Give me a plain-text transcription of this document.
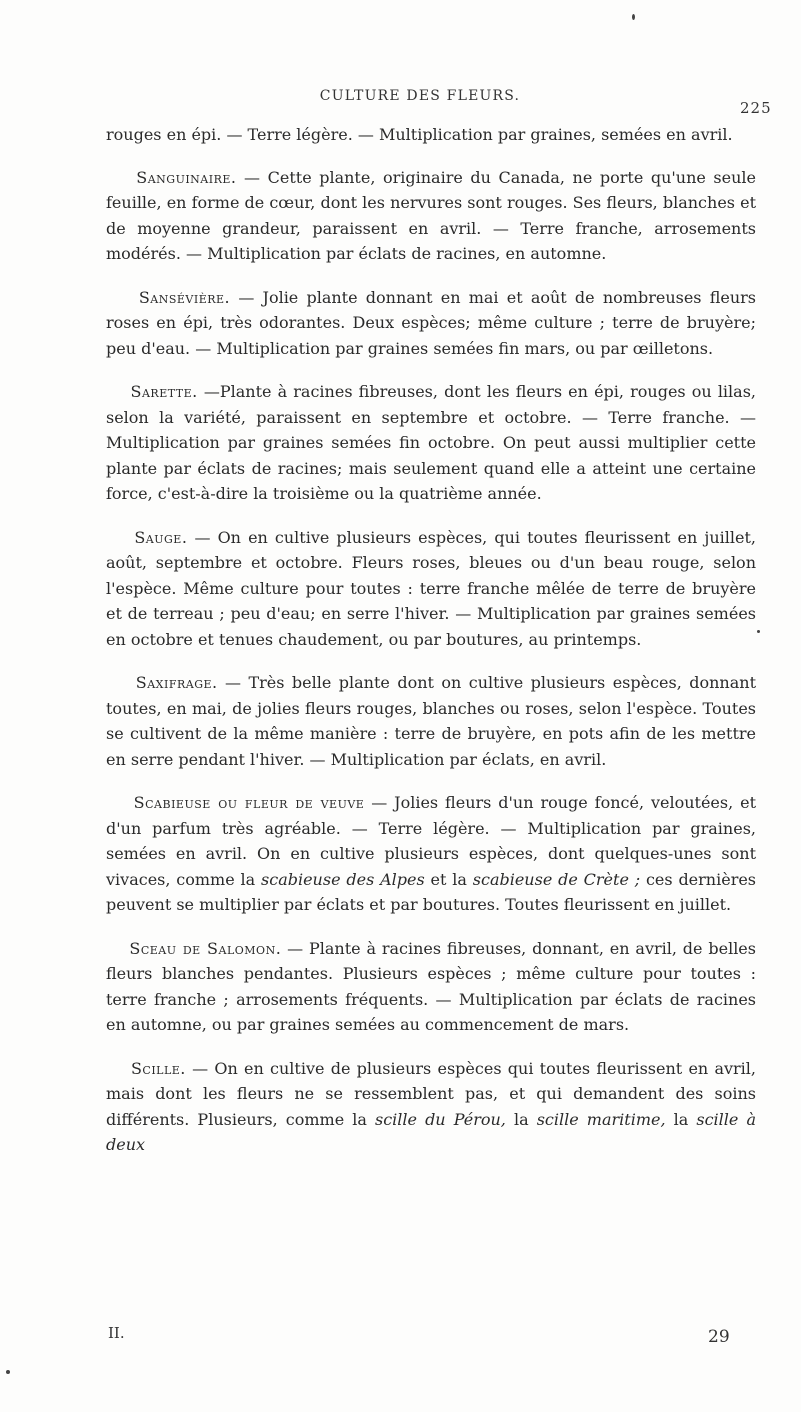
CULTURE DES FLEURS.
225

rouges en épi. — Terre légère. — Multiplication par graines, semées en avril.

Sanguinaire. — Cette plante, originaire du Canada, ne porte qu'une seule feuille, en forme de cœur, dont les nervures sont rouges. Ses fleurs, blanches et de moyenne grandeur, paraissent en avril. — Terre franche, arrosements modérés. — Multiplication par éclats de racines, en automne.

Sansévière. — Jolie plante donnant en mai et août de nombreuses fleurs roses en épi, très odorantes. Deux espèces; même culture ; terre de bruyère; peu d'eau. — Multiplication par graines semées fin mars, ou par œilletons.

Sarette. —Plante à racines fibreuses, dont les fleurs en épi, rouges ou lilas, selon la variété, paraissent en septembre et octobre. — Terre franche. —Multiplication par graines semées fin octobre. On peut aussi multiplier cette plante par éclats de racines; mais seulement quand elle a atteint une certaine force, c'est-à-dire la troisième ou la quatrième année.

Sauge. — On en cultive plusieurs espèces, qui toutes fleurissent en juillet, août, septembre et octobre. Fleurs roses, bleues ou d'un beau rouge, selon l'espèce. Même culture pour toutes : terre franche mêlée de terre de bruyère et de terreau ; peu d'eau; en serre l'hiver. — Multiplication par graines semées en octobre et tenues chaudement, ou par boutures, au printemps.

Saxifrage. — Très belle plante dont on cultive plusieurs espèces, donnant toutes, en mai, de jolies fleurs rouges, blanches ou roses, selon l'espèce. Toutes se cultivent de la même manière : terre de bruyère, en pots afin de les mettre en serre pendant l'hiver. — Multiplication par éclats, en avril.

Scabieuse ou fleur de veuve — Jolies fleurs d'un rouge foncé, veloutées, et d'un parfum très agréable. — Terre légère. — Multiplication par graines, semées en avril. On en cultive plusieurs espèces, dont quelques-unes sont vivaces, comme la scabieuse des Alpes et la scabieuse de Crète ; ces dernières peuvent se multiplier par éclats et par boutures. Toutes fleurissent en juillet.

Sceau de Salomon. — Plante à racines fibreuses, donnant, en avril, de belles fleurs blanches pendantes. Plusieurs espèces ; même culture pour toutes : terre franche ; arrosements fréquents. — Multiplication par éclats de racines en automne, ou par graines semées au commencement de mars.

Scille. — On en cultive de plusieurs espèces qui toutes fleurissent en avril, mais dont les fleurs ne se ressemblent pas, et qui demandent des soins différents. Plusieurs, comme la scille du Pérou, la scille maritime, la scille à deux

II.	29
